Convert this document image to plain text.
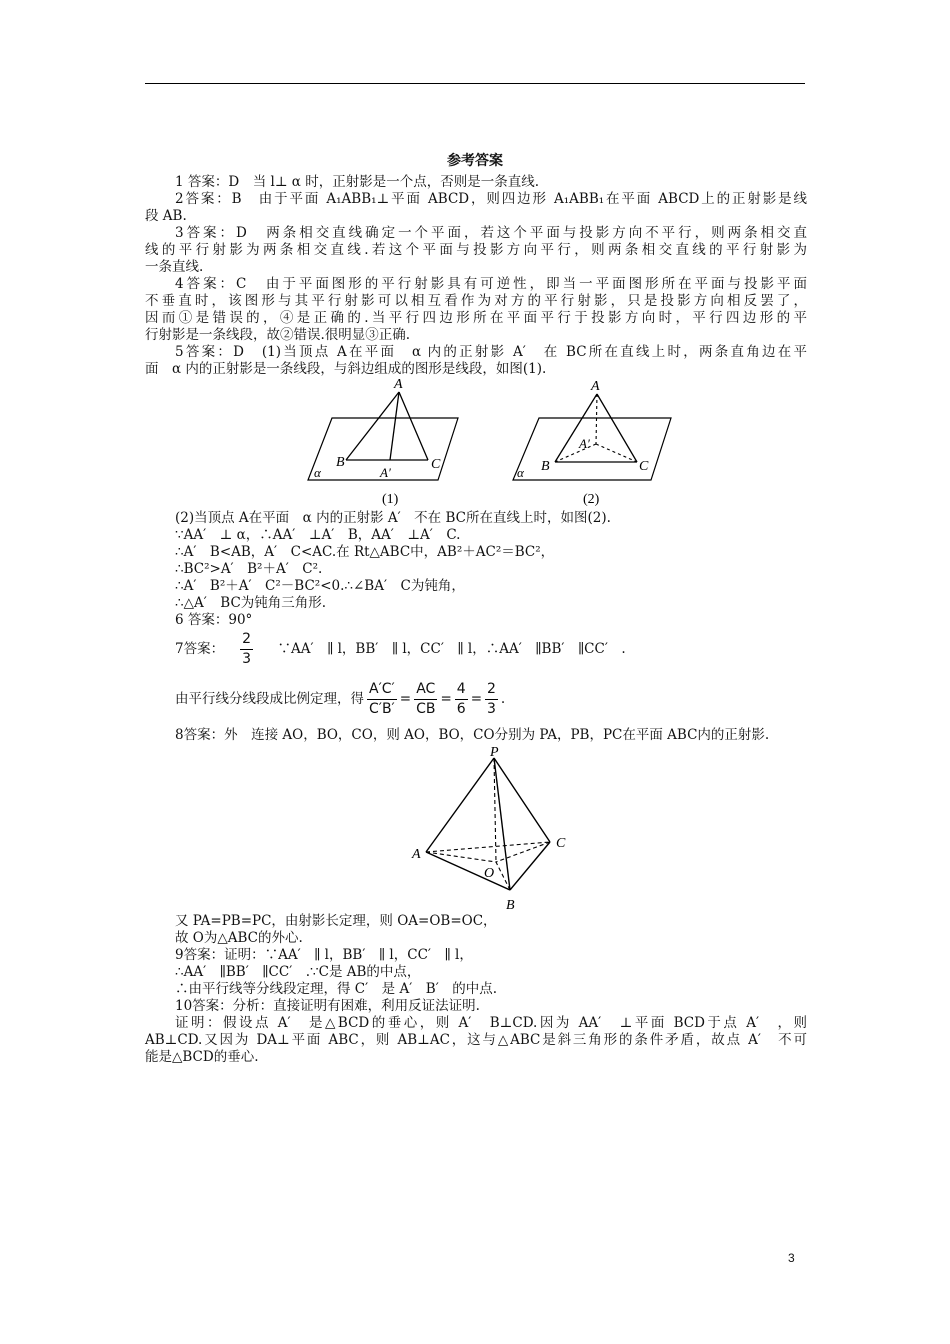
参考答案
1 答案：D　当 l⊥ α 时，正射影是一个点，否则是一条直线.
2答案：B　由于平面 A₁ABB₁⊥平面 ABCD，则四边形 A₁ABB₁在平面 ABCD上的正射影是线
段 AB.
3答案：D　两条相交直线确定一个平面，若这个平面与投影方向不平行，则两条相交直
线的平行射影为两条相交直线.若这个平面与投影方向平行，则两条相交直线的平行射影为
一条直线.
4答案：C　由于平面图形的平行射影具有可逆性，即当一平面图形所在平面与投影平面
不垂直时，该图形与其平行射影可以相互看作为对方的平行射影，只是投影方向相反罢了，
因而①是错误的，④是正确的.当平行四边形所在平面平行于投影方向时，平行四边形的平
行射影是一条线段，故②错误.很明显③正确.
5答案：D　(1)当顶点 A在平面　α 内的正射影 A′　在 BC所在直线上时，两条直角边在平
面　α 内的正射影是一条线段，与斜边组成的图形是线段，如图(1).
A
B	C
A′
α
(1)
A
B	C
A′
α
(2)
(2)当顶点 A在平面　α 内的正射影 A′　不在 BC所在直线上时，如图(2).
∵AA′　⊥ α，∴AA′　⊥A′　B，AA′　⊥A′　C.
∴A′　B<AB，A′　C<AC.在 Rt△ABC中，AB²＋AC²＝BC²，
∴BC²>A′　B²＋A′　C².
∴A′　B²＋A′　C²－BC²<0.∴∠BA′　C为钝角，
∴△A′　BC为钝角三角形.
6 答案：90°
7答案： $\frac{2}{3}$ 　∵AA′　∥ l，BB′　∥ l，CC′　∥ l，∴AA′　∥BB′　∥CC′　.
由平行线分线段成比例定理，得 $\frac{A'C'}{C'B'} = \frac{AC}{CB} = \frac{4}{6} = \frac{2}{3}$ .
8答案：外　连接 AO，BO，CO，则 AO，BO，CO分别为 PA，PB，PC在平面 ABC内的正射影.
P
A
C
B
O
又 PA=PB=PC，由射影长定理，则 OA=OB=OC，
故 O为△ABC的外心.
9答案：证明：∵AA′　∥ l，BB′　∥ l，CC′　∥ l，
∴AA′　∥BB′　∥CC′　.∵C是 AB的中点，
∴由平行线等分线段定理，得 C′　是 A′　B′　的中点.
10答案：分析：直接证明有困难，利用反证法证明.
证明：假设点 A′　是△BCD的垂心，则 A′　B⊥CD.因为 AA′　⊥平面 BCD于点 A′　，则
AB⊥CD.又因为 DA⊥平面 ABC，则 AB⊥AC，这与△ABC是斜三角形的条件矛盾，故点 A′　不可
能是△BCD的垂心.
3
